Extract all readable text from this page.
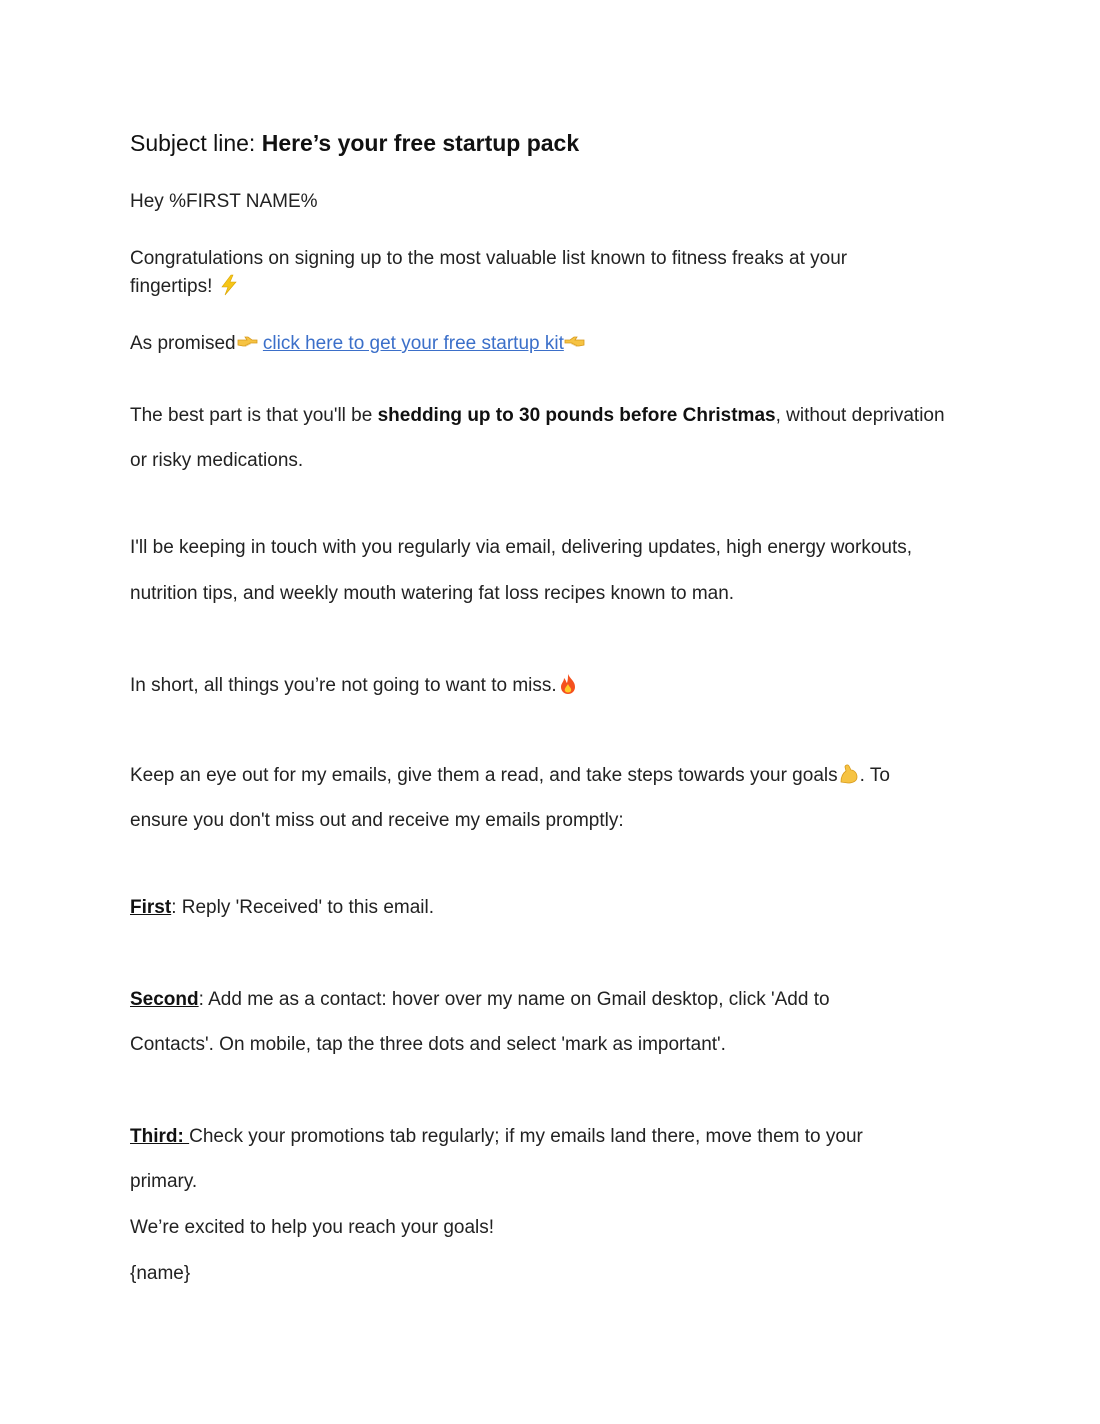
Subject line: Here’s your free startup pack
Hey %FIRST NAME%
Congratulations on signing up to the most valuable list known to fitness freaks at your
fingertips!
As promised click here to get your free startup kit
The best part is that you'll be shedding up to 30 pounds before Christmas, without deprivation
or risky medications.
I'll be keeping in touch with you regularly via email, delivering updates, high energy workouts,
nutrition tips, and weekly mouth watering fat loss recipes known to man.
In short, all things you’re not going to want to miss.
Keep an eye out for my emails, give them a read, and take steps towards your goals . To
ensure you don't miss out and receive my emails promptly:
First: Reply 'Received' to this email.
Second: Add me as a contact: hover over my name on Gmail desktop, click 'Add to
Contacts'. On mobile, tap the three dots and select 'mark as important'.
Third: Check your promotions tab regularly; if my emails land there, move them to your
primary.
We’re excited to help you reach your goals!
{name}
